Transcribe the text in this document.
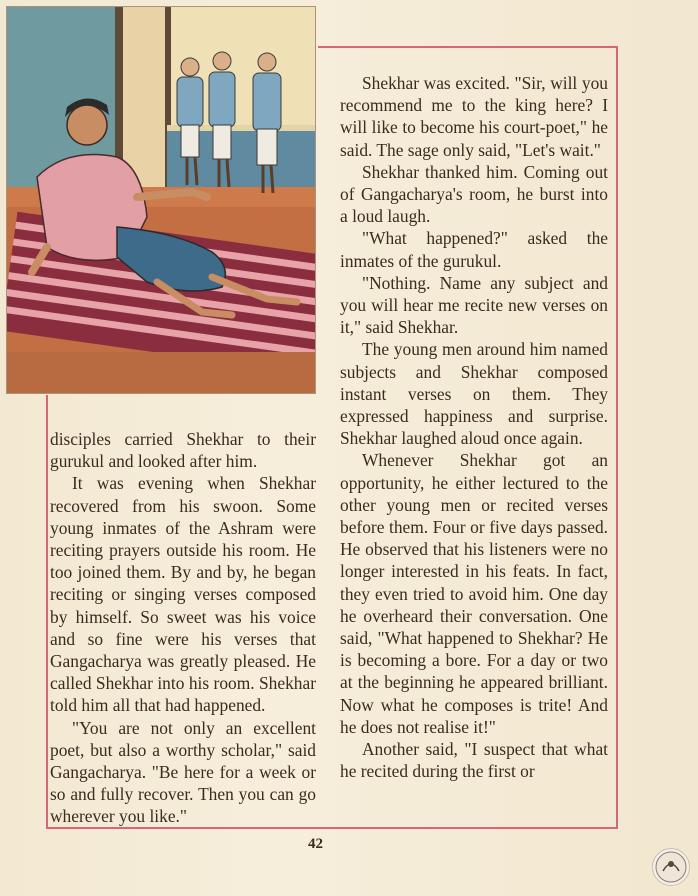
disciples carried Shekhar to their gurukul and looked after him.

It was evening when Shekhar recovered from his swoon. Some young inmates of the Ashram were reciting prayers outside his room. He too joined them. By and by, he began reciting or singing verses composed by himself. So sweet was his voice and so fine were his verses that Gangacharya was greatly pleased. He called Shekhar into his room. Shekhar told him all that had happened.

"You are not only an excellent poet, but also a worthy scholar," said Gangacharya. "Be here for a week or so and fully recover. Then you can go wherever you like."

Shekhar was excited. "Sir, will you recommend me to the king here? I will like to become his court-poet," he said. The sage only said, "Let's wait."

Shekhar thanked him. Coming out of Gangacharya's room, he burst into a loud laugh.

"What happened?" asked the inmates of the gurukul.

"Nothing. Name any subject and you will hear me recite new verses on it," said Shekhar.

The young men around him named subjects and Shekhar composed instant verses on them. They expressed happiness and surprise. Shekhar laughed aloud once again.

Whenever Shekhar got an opportunity, he either lectured to the other young men or recited verses before them. Four or five days passed. He observed that his listeners were no longer interested in his feats. In fact, they even tried to avoid him. One day he overheard their conversation. One said, "What happened to Shekhar? He is becoming a bore. For a day or two at the beginning he appeared brilliant. Now what he composes is trite! And he does not realise it!"

Another said, "I suspect that what he recited during the first or

42
